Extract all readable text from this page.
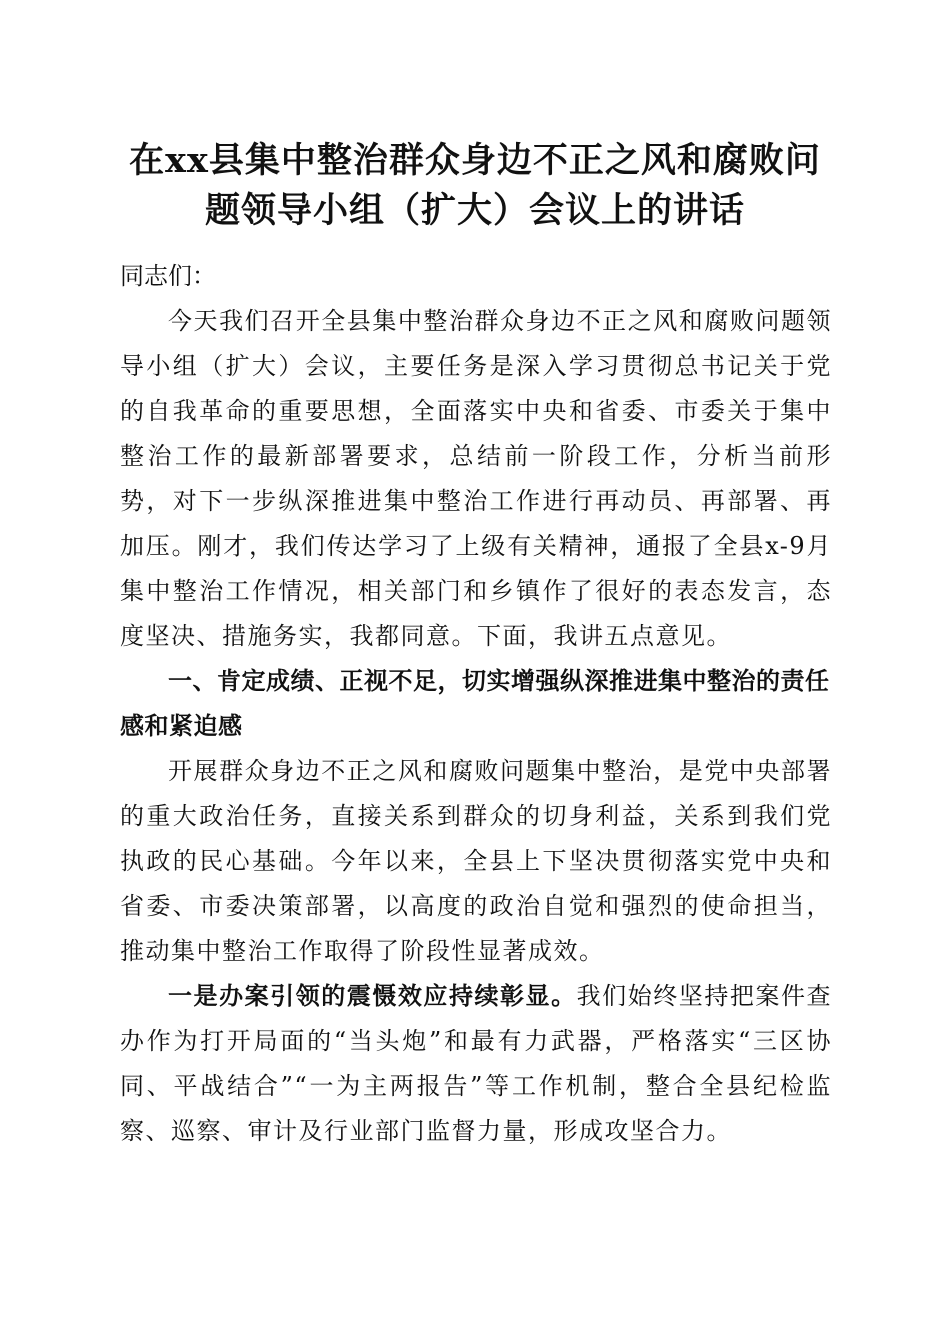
在xx县集中整治群众身边不正之风和腐败问
题领导小组（扩大）会议上的讲话

同志们：

今天我们召开全县集中整治群众身边不正之风和腐败问题领导小组（扩大）会议，主要任务是深入学习贯彻总书记关于党的自我革命的重要思想，全面落实中央和省委、市委关于集中整治工作的最新部署要求，总结前一阶段工作，分析当前形势，对下一步纵深推进集中整治工作进行再动员、再部署、再加压。刚才，我们传达学习了上级有关精神，通报了全县x-9月集中整治工作情况，相关部门和乡镇作了很好的表态发言，态度坚决、措施务实，我都同意。下面，我讲五点意见。

一、肯定成绩、正视不足，切实增强纵深推进集中整治的责任感和紧迫感

开展群众身边不正之风和腐败问题集中整治，是党中央部署的重大政治任务，直接关系到群众的切身利益，关系到我们党执政的民心基础。今年以来，全县上下坚决贯彻落实党中央和省委、市委决策部署，以高度的政治自觉和强烈的使命担当，推动集中整治工作取得了阶段性显著成效。

一是办案引领的震慑效应持续彰显。我们始终坚持把案件查办作为打开局面的“当头炮”和最有力武器，严格落实“三区协同、平战结合”“一为主两报告”等工作机制，整合全县纪检监察、巡察、审计及行业部门监督力量，形成攻坚合力。
